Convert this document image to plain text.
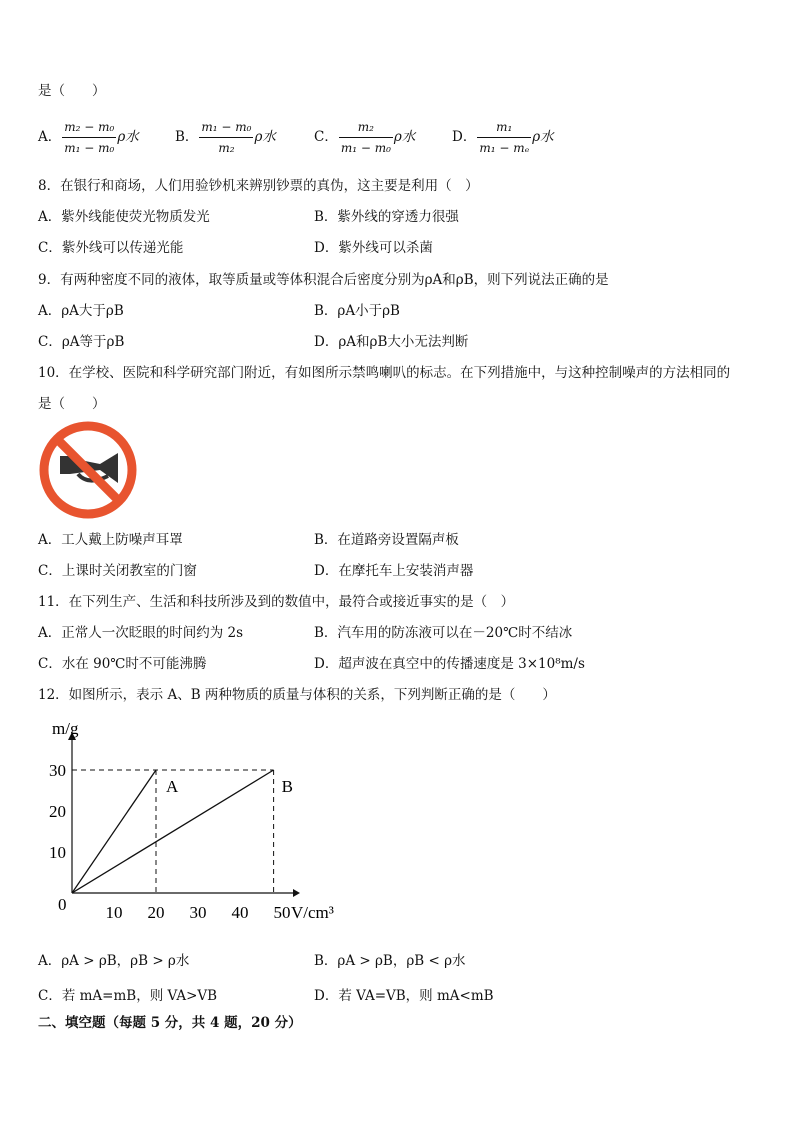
是（　　）
A． $\frac{\text{m₂ − m₀}}{\text{m₁ − m₀}}$ ρ水	B． $\frac{\text{m₁ − m₀}}{\text{m₂}}$ ρ水	C． $\frac{\text{m₂}}{\text{m₁ − m₀}}$ ρ水	D． $\frac{\text{m₁}}{\text{m₁ − mₑ}}$ ρ水
8．在银行和商场，人们用验钞机来辨别钞票的真伪，这主要是利用（　）
A．紫外线能使荧光物质发光	B．紫外线的穿透力很强
C．紫外线可以传递光能	D．紫外线可以杀菌
9．有两种密度不同的液体，取等质量或等体积混合后密度分别为ρA和ρB，则下列说法正确的是
A．ρA大于ρB	B．ρA小于ρB
C．ρA等于ρB	D．ρA和ρB大小无法判断
10．在学校、医院和科学研究部门附近，有如图所示禁鸣喇叭的标志。在下列措施中，与这种控制噪声的方法相同的
是（　　）
A．工人戴上防噪声耳罩	B．在道路旁设置隔声板
C．上课时关闭教室的门窗	D．在摩托车上安装消声器
11．在下列生产、生活和科技所涉及到的数值中，最符合或接近事实的是（　）
A．正常人一次眨眼的时间约为 2s	B．汽车用的防冻液可以在－20℃时不结冰
C．水在 90℃时不可能沸腾	D．超声波在真空中的传播速度是 3×10⁸m/s
12．如图所示，表示 A、B 两种物质的质量与体积的关系，下列判断正确的是（　　）
m/g
V/cm³
0 10 20 30 40 50
10
20
30
A	B
A．ρA > ρB，ρB > ρ水	B．ρA > ρB，ρB < ρ水
C．若 mA=mB，则 VA>VB	D．若 VA=VB，则 mA<mB
二、填空题（每题 5 分，共 4 题，20 分）
